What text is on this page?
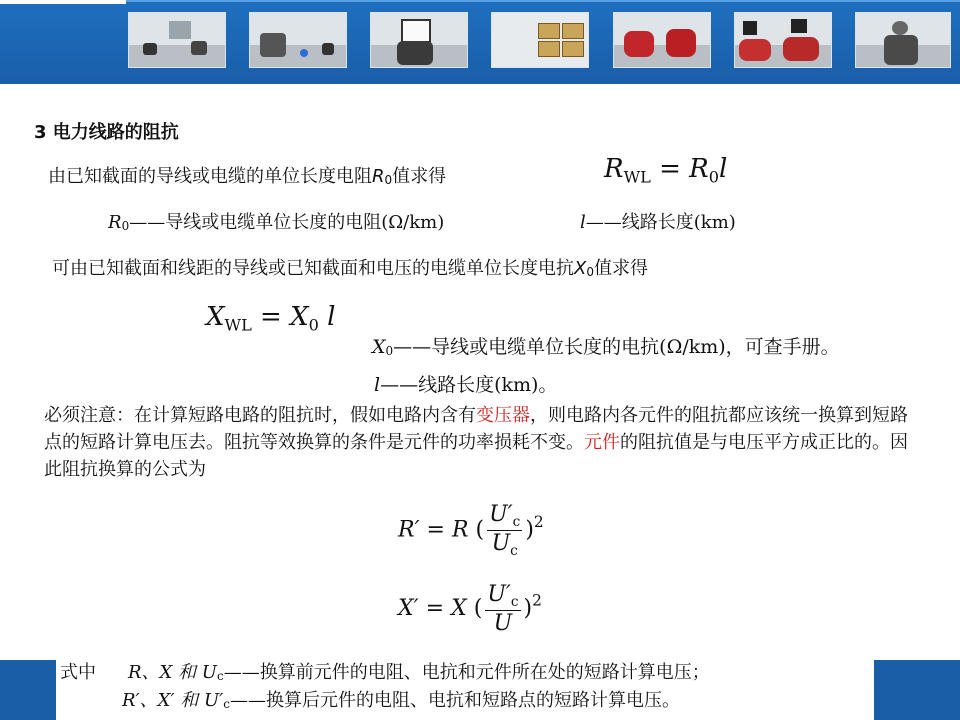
3 电力线路的阻抗
由已知截面的导线或电缆的单位长度电阻R0值求得	$R_{WL} = R_0l$
R0——导线或电缆单位长度的电阻(Ω/km)	l——线路长度(km)
可由已知截面和线距的导线或已知截面和电压的电缆单位长度电抗X0值求得
$X_{WL} = X_0$ l
X0——导线或电缆单位长度的电抗(Ω/km)，可查手册。
l——线路长度(km)。
必须注意：在计算短路电路的阻抗时，假如电路内含有变压器，则电路内各元件的阻抗都应该统一换算到短路点的短路计算电压去。阻抗等效换算的条件是元件的功率损耗不变。元件的阻抗值是与电压平方成正比的。因此阻抗换算的公式为
R′ = R ( $\frac{U'_c}{U_c} )^2$
X′ = X ( $\frac{U'_c}{U} )^2$
式中 R、X 和 Uc——换算前元件的电阻、电抗和元件所在处的短路计算电压；
R′、X′ 和 U′c——换算后元件的电阻、电抗和短路点的短路计算电压。
